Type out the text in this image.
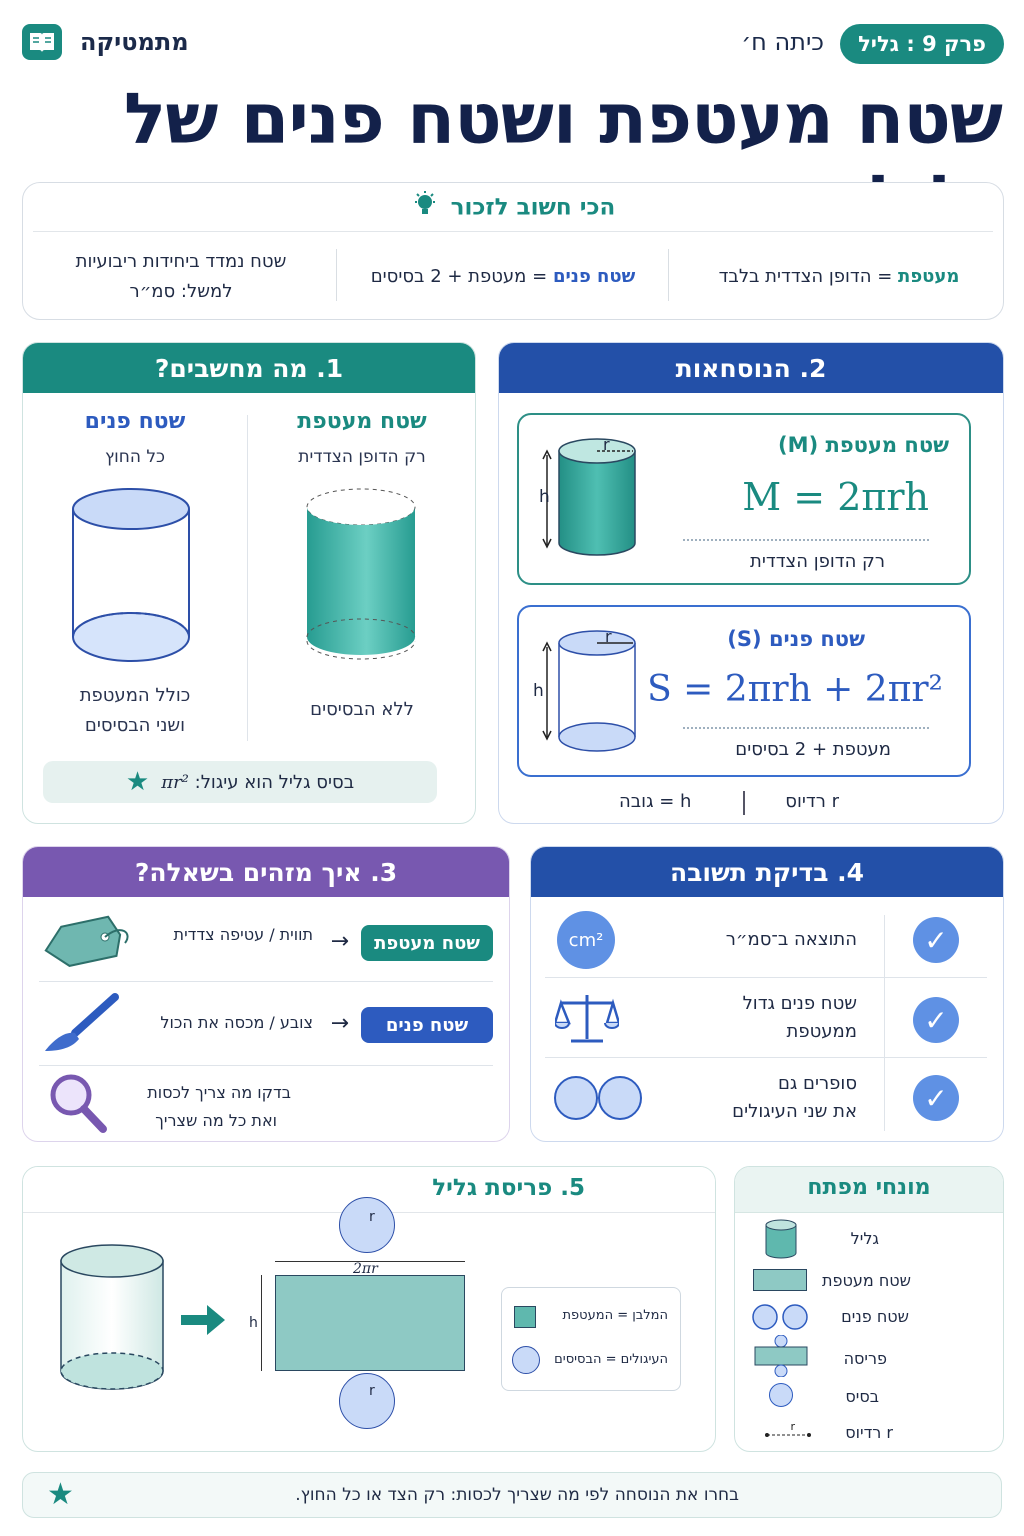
פרק 9 : גליל
כיתה ח׳
מתמטיקה
שטח מעטפת ושטח פנים של
הכי חשוב לזכור
מעטפת = הדופן הצדדית בלבד
שטח פנים = מעטפת + 2 בסיסים
שטח נמדד ביחידות ריבועיות
למשל: סמ״ר
1. מה מחשבים?
שטח מעטפת
רק הדופן הצדדית
ללא הבסיסים
שטח פנים
כל החוץ
כולל המעטפת
ושני הבסיסים
בסיס גליל הוא עיגול:

πr²
★
2. הנוסחאות
h
r	שטח מעטפת (M)
M = 2πrh
רק הדופן הצדדית
h
r	שטח פנים (S)
S = 2πrh + 2πr²
מעטפת + 2 בסיסים
r רדיוס
h = גובה
3. איך מזהים בשאלה?
שטח מעטפת
→
תווית / עטיפה צדדית
שטח פנים
→
צובע / מכסה את הכול
בדקו מה צריך לכסות
ואת כל מה שצריך
4. בדיקת תשובה
✓
התוצאה ב־סמ״ר
cm²
✓
שטח פנים גדול
ממעטפת
✓
סופרים גם
את שני העיגולים
5. פריסת גליל
2πr
h
r
r
המלבן = המעטפת
העיגולים = הבסיסים
מונחי מפתח
גליל
שטח מעטפת
שטח פנים
פריסה
בסיס
r רדיוס
r
בחרו את הנוסחה לפי מה שצריך לכסות: רק הצד או כל החוץ.
★
